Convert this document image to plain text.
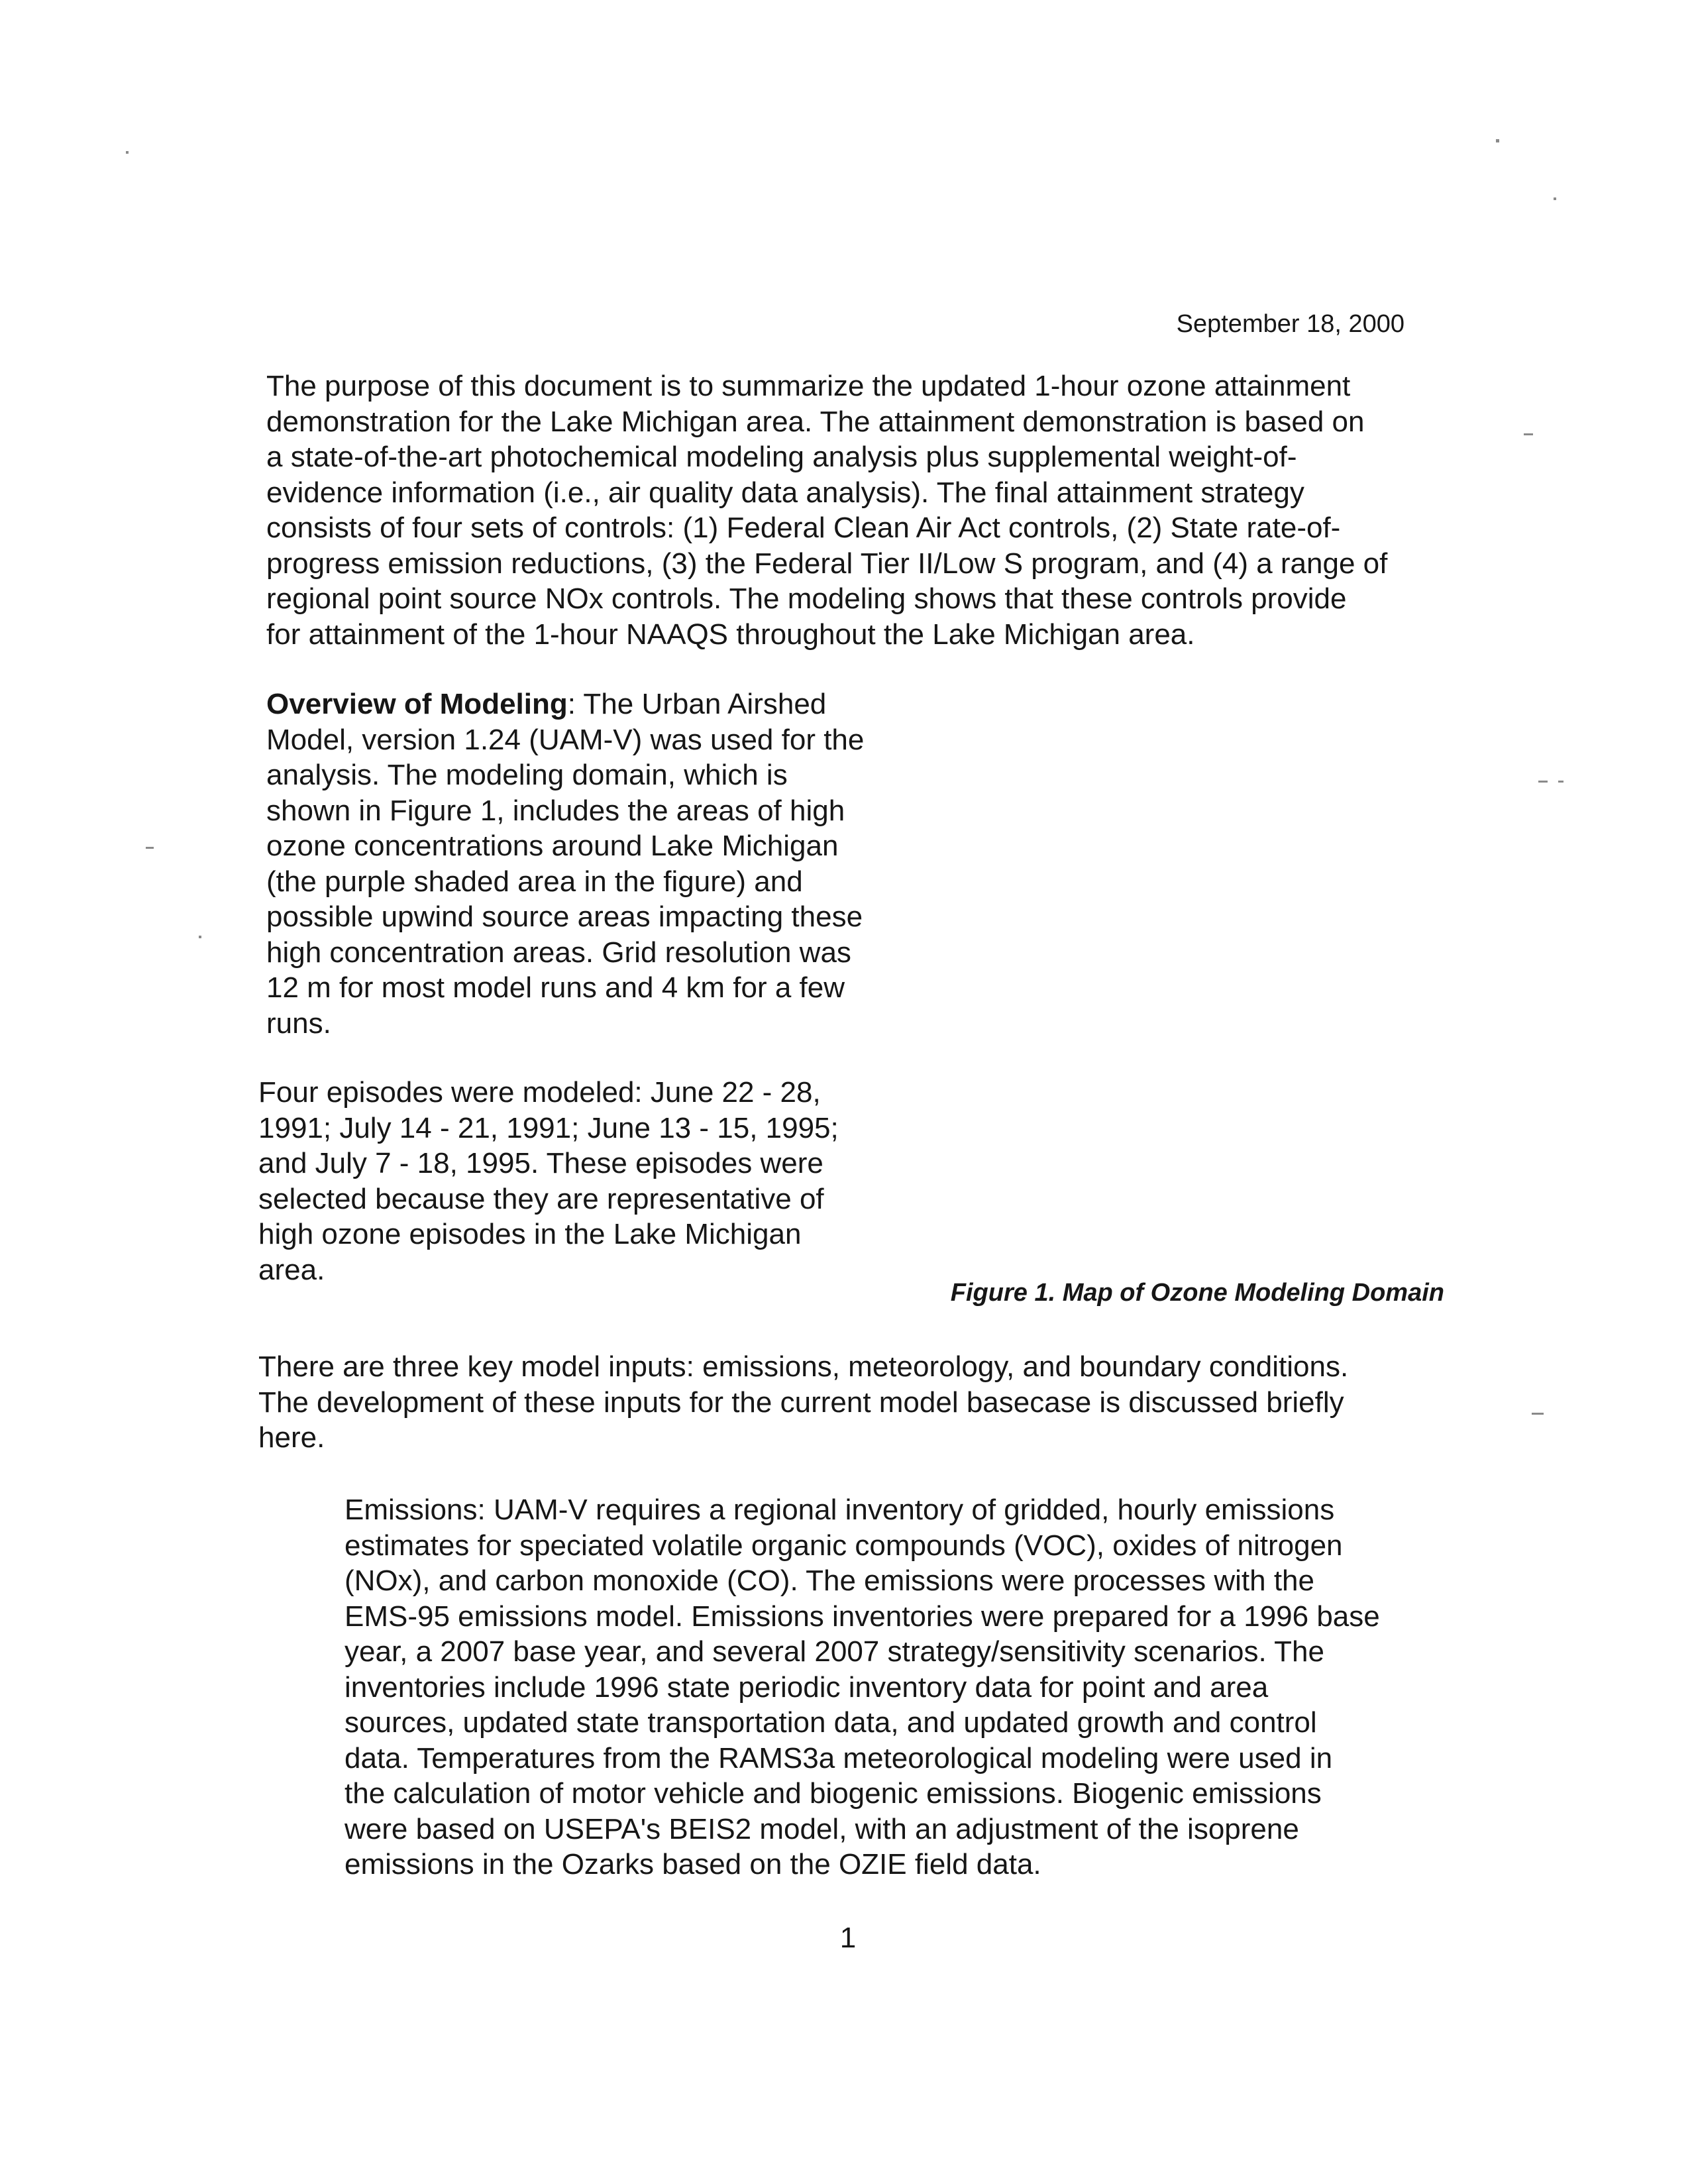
September 18, 2000

The purpose of this document is to summarize the updated 1-hour ozone attainment
demonstration for the Lake Michigan area. The attainment demonstration is based on
a state-of-the-art photochemical modeling analysis plus supplemental weight-of-
evidence information (i.e., air quality data analysis). The final attainment strategy
consists of four sets of controls: (1) Federal Clean Air Act controls, (2) State rate-of-
progress emission reductions, (3) the Federal Tier II/Low S program, and (4) a range of
regional point source NOx controls. The modeling shows that these controls provide
for attainment of the 1-hour NAAQS throughout the Lake Michigan area.

Overview of Modeling: The Urban Airshed
Model, version 1.24 (UAM-V) was used for the
analysis. The modeling domain, which is
shown in Figure 1, includes the areas of high
ozone concentrations around Lake Michigan
(the purple shaded area in the figure) and
possible upwind source areas impacting these
high concentration areas. Grid resolution was
12 m for most model runs and 4 km for a few
runs.

Four episodes were modeled: June 22 - 28,
1991; July 14 - 21, 1991; June 13 - 15, 1995;
and July 7 - 18, 1995. These episodes were
selected because they are representative of
high ozone episodes in the Lake Michigan
area.

Figure 1. Map of Ozone Modeling Domain

There are three key model inputs: emissions, meteorology, and boundary conditions.
The development of these inputs for the current model basecase is discussed briefly
here.

Emissions: UAM-V requires a regional inventory of gridded, hourly emissions
estimates for speciated volatile organic compounds (VOC), oxides of nitrogen
(NOx), and carbon monoxide (CO). The emissions were processes with the
EMS-95 emissions model. Emissions inventories were prepared for a 1996 base
year, a 2007 base year, and several 2007 strategy/sensitivity scenarios. The
inventories include 1996 state periodic inventory data for point and area
sources, updated state transportation data, and updated growth and control
data. Temperatures from the RAMS3a meteorological modeling were used in
the calculation of motor vehicle and biogenic emissions. Biogenic emissions
were based on USEPA's BEIS2 model, with an adjustment of the isoprene
emissions in the Ozarks based on the OZIE field data.

1
